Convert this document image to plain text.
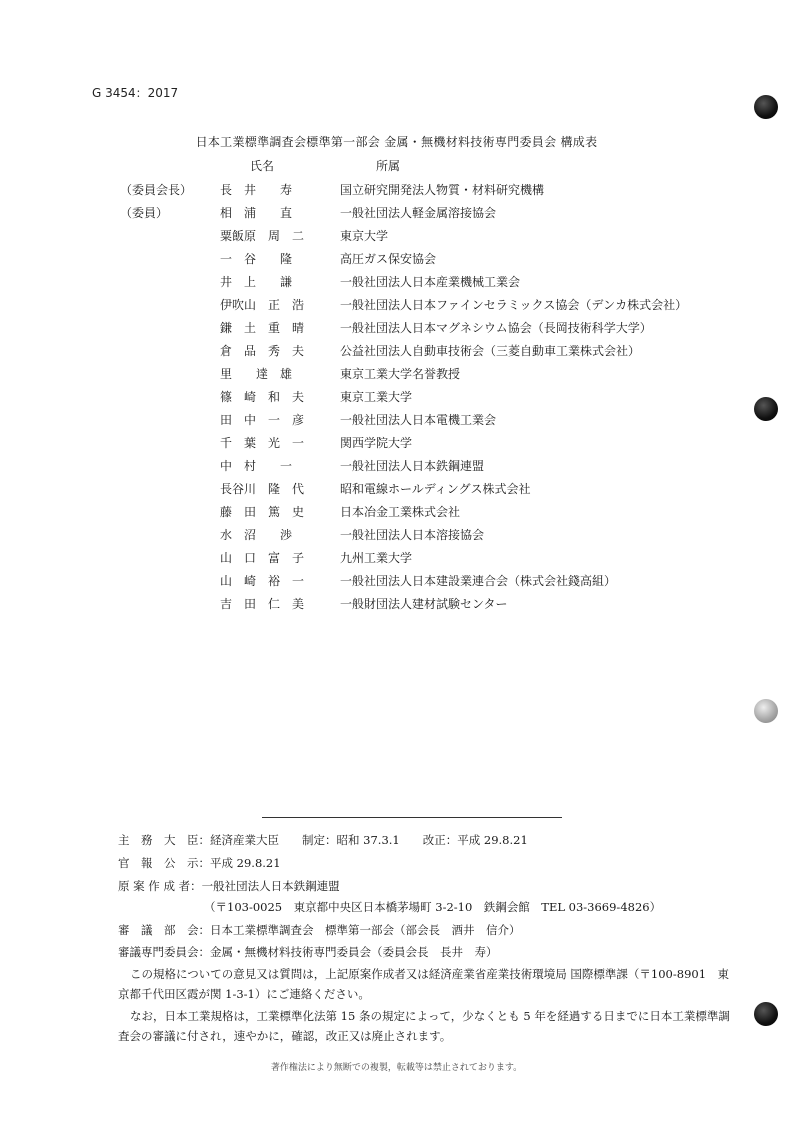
G 3454：2017
日本工業標準調査会標準第一部会 金属・無機材料技術専門委員会 構成表
氏名	所属
（委員会長） 長　井　　寿	国立研究開発法人物質・材料研究機構
（委員）	相　浦　　直	一般社団法人軽金属溶接協会
粟飯原　周　二	東京大学
一　谷　　隆	高圧ガス保安協会
井　上　　謙	一般社団法人日本産業機械工業会
伊吹山　正　浩	一般社団法人日本ファインセラミックス協会（デンカ株式会社）
鎌　土　重　晴	一般社団法人日本マグネシウム協会（長岡技術科学大学）
倉　品　秀　夫	公益社団法人自動車技術会（三菱自動車工業株式会社）
里　　達　雄	東京工業大学名誉教授
篠　崎　和　夫	東京工業大学
田　中　一　彦	一般社団法人日本電機工業会
千　葉　光　一	関西学院大学
中　村　　一	一般社団法人日本鉄鋼連盟
長谷川　隆　代	昭和電線ホールディングス株式会社
藤　田　篤　史	日本冶金工業株式会社
水　沼　　渉	一般社団法人日本溶接協会
山　口　富　子	九州工業大学
山　崎　裕　一	一般社団法人日本建設業連合会（株式会社錢高組）
吉　田　仁　美	一般財団法人建材試験センター
主　務　大　臣：経済産業大臣　　制定：昭和 37.3.1　　改正：平成 29.8.21
官　報　公　示：平成 29.8.21
原 案 作 成 者：一般社団法人日本鉄鋼連盟
（〒103-0025　東京都中央区日本橋茅場町 3-2-10　鉄鋼会館　TEL 03-3669-4826）
審　議　部　会：日本工業標準調査会　標準第一部会（部会長　酒井　信介）
審議専門委員会：金属・無機材料技術専門委員会（委員会長　長井　寿）
この規格についての意見又は質問は，上記原案作成者又は経済産業省産業技術環境局 国際標準課（〒100-8901　東京都千代田区霞が関 1-3-1）にご連絡ください。
なお，日本工業規格は，工業標準化法第 15 条の規定によって，少なくとも 5 年を経過する日までに日本工業標準調査会の審議に付され，速やかに，確認，改正又は廃止されます。
著作権法により無断での複製，転載等は禁止されております。
